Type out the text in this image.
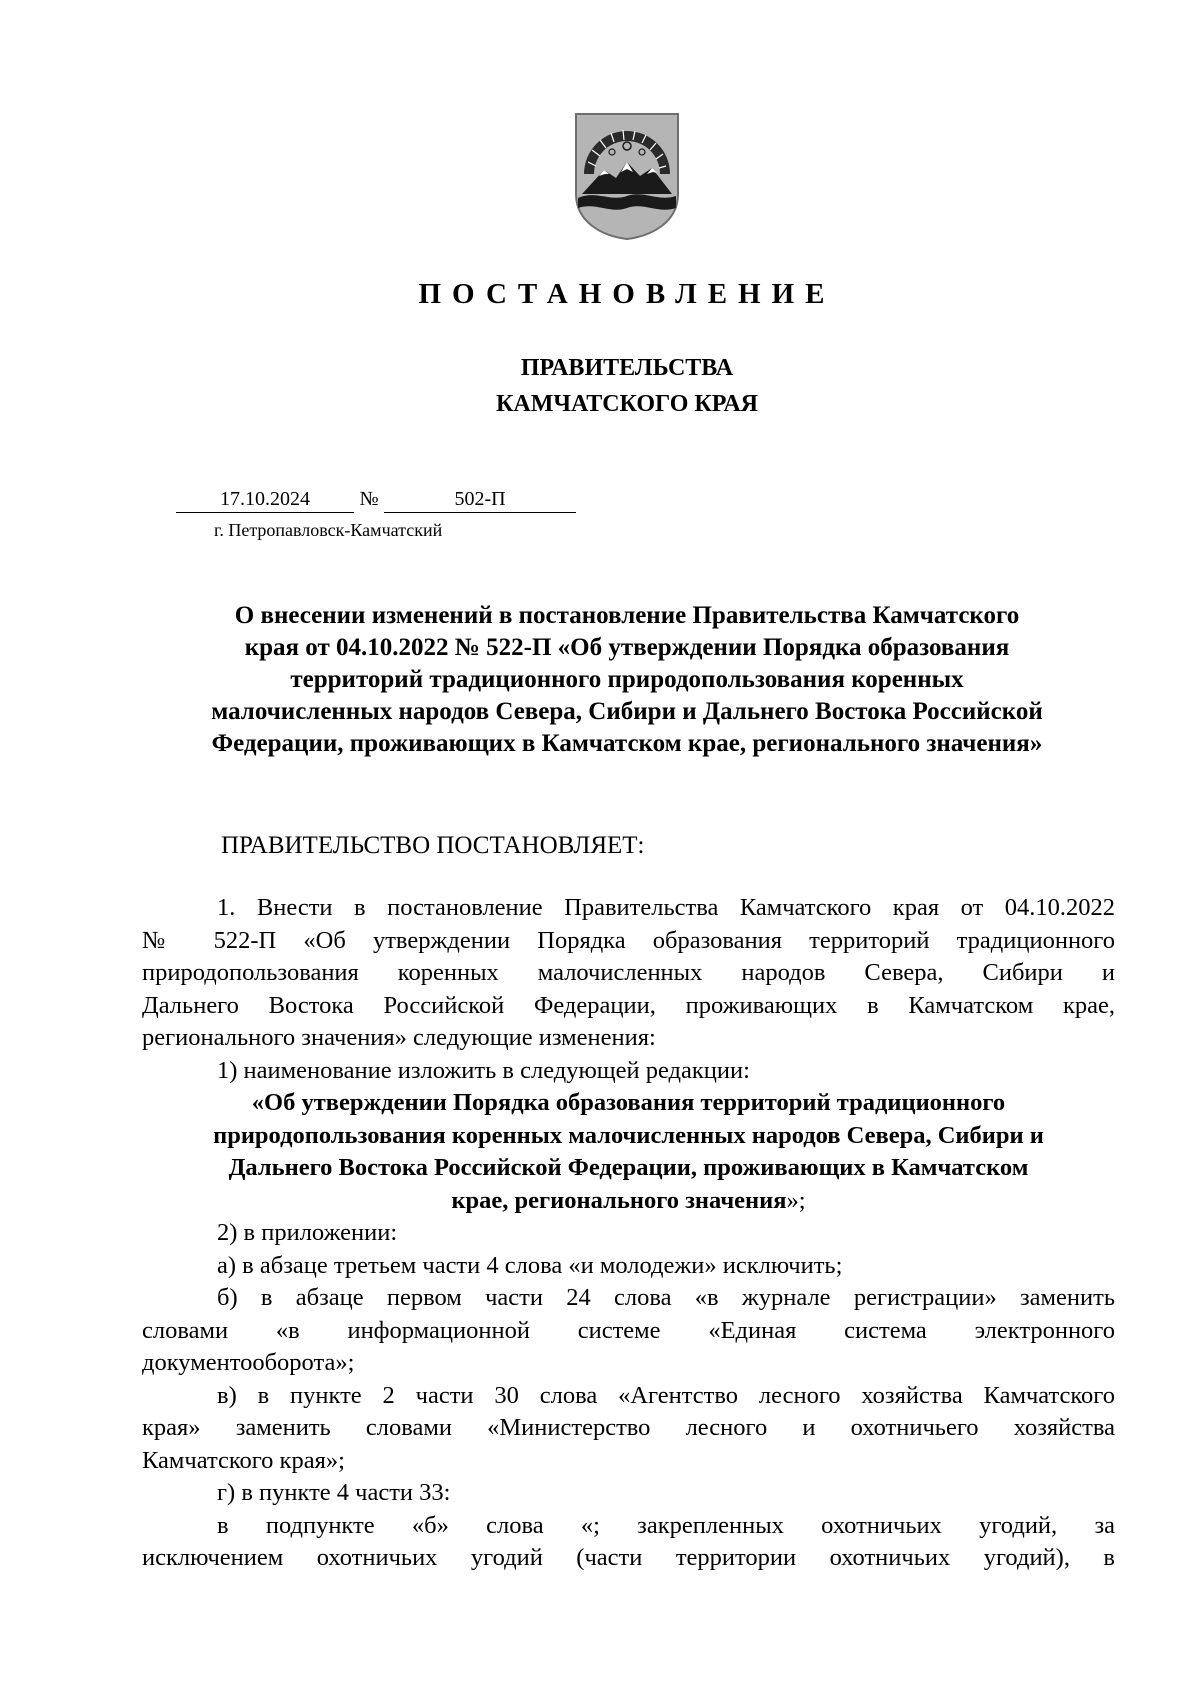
ПОСТАНОВЛЕНИЕ
ПРАВИТЕЛЬСТВА
КАМЧАТСКОГО КРАЯ
17.10.2024	№	502-П
г. Петропавловск-Камчатский
О внесении изменений в постановление Правительства Камчатского
края от 04.10.2022 № 522-П «Об утверждении Порядка образования
территорий традиционного природопользования коренных
малочисленных народов Севера, Сибири и Дальнего Востока Российской
Федерации, проживающих в Камчатском крае, регионального значения»
ПРАВИТЕЛЬСТВО ПОСТАНОВЛЯЕТ:

1. Внести в постановление Правительства Камчатского края от 04.10.2022

№ 522-П «Об утверждении Порядка образования территорий традиционного

природопользования коренных малочисленных народов Севера, Сибири и

Дальнего Востока Российской Федерации, проживающих в Камчатском крае,

регионального значения» следующие изменения:

1) наименование изложить в следующей редакции:

«Об утверждении Порядка образования территорий традиционного

природопользования коренных малочисленных народов Севера, Сибири и

Дальнего Востока Российской Федерации, проживающих в Камчатском

крае, регионального значения»;

2) в приложении:

а) в абзаце третьем части 4 слова «и молодежи» исключить;

б) в абзаце первом части 24 слова «в журнале регистрации» заменить

словами «в информационной системе «Единая система электронного

документооборота»;

в) в пункте 2 части 30 слова «Агентство лесного хозяйства Камчатского

края» заменить словами «Министерство лесного и охотничьего хозяйства

Камчатского края»;

г) в пункте 4 части 33:

в подпункте «б» слова «; закрепленных охотничьих угодий, за

исключением охотничьих угодий (части территории охотничьих угодий), в
